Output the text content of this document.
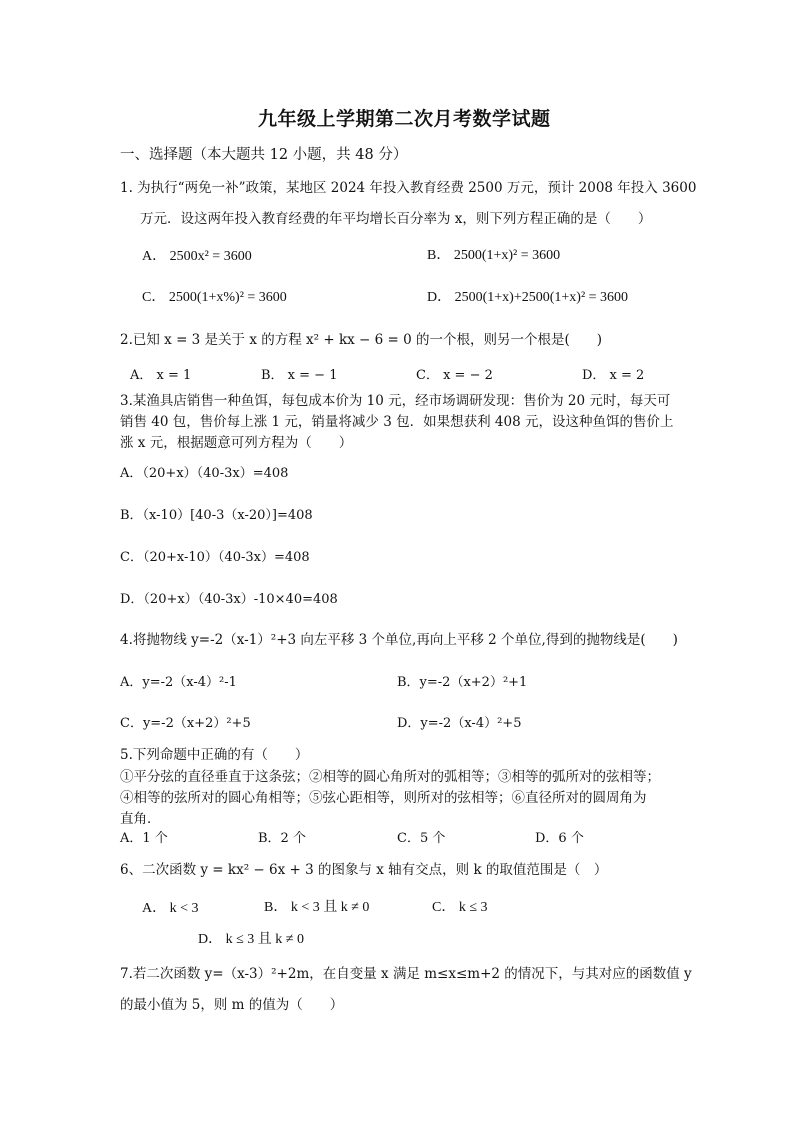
九年级上学期第二次月考数学试题
一、选择题（本大题共 12 小题，共 48 分）
1. 为执行“两免一补”政策，某地区 2024 年投入教育经费 2500 万元，预计 2008 年投入 3600
万元．设这两年投入教育经费的年平均增长百分率为 x，则下列方程正确的是（　　）
A． 2500x² = 3600	B． 2500(1+x)² = 3600
C． 2500(1+x%)² = 3600	D． 2500(1+x)+2500(1+x)² = 3600
2.已知 x = 3 是关于 x 的方程 x² + kx − 6 = 0 的一个根，则另一个根是(　　)
A． x = 1	B． x = − 1	C． x = − 2	D． x = 2
3.某渔具店销售一种鱼饵，每包成本价为 10 元，经市场调研发现：售价为 20 元时，每天可
销售 40 包，售价每上涨 1 元，销量将减少 3 包．如果想获利 408 元，设这种鱼饵的售价上
涨 x 元，根据题意可列方程为（　　）
A．（20+x）（40-3x）=408
B．（x-10）[40-3（x-20）]=408
C．（20+x-10）（40-3x）=408
D．（20+x）（40-3x）-10×40=408
4.将抛物线 y=-2（x-1）²+3 向左平移 3 个单位,再向上平移 2 个单位,得到的抛物线是(　　)
A．y=-2（x-4）²-1	B．y=-2（x+2）²+1
C．y=-2（x+2）²+5	D．y=-2（x-4）²+5
5.下列命题中正确的有（　　）
①平分弦的直径垂直于这条弦；②相等的圆心角所对的弧相等；③相等的弧所对的弦相等；
④相等的弦所对的圆心角相等；⑤弦心距相等，则所对的弦相等；⑥直径所对的圆周角为
直角．
A．1 个	B．2 个	C．5 个	D．6 个
6、二次函数 y = kx² − 6x + 3 的图象与 x 轴有交点，则 k 的取值范围是（　）
A． k < 3	B． k < 3 且 k ≠ 0	C． k ≤ 3
D． k ≤ 3 且 k ≠ 0
7.若二次函数 y=（x-3）²+2m，在自变量 x 满足 m≤x≤m+2 的情况下，与其对应的函数值 y
的最小值为 5，则 m 的值为（　　）
